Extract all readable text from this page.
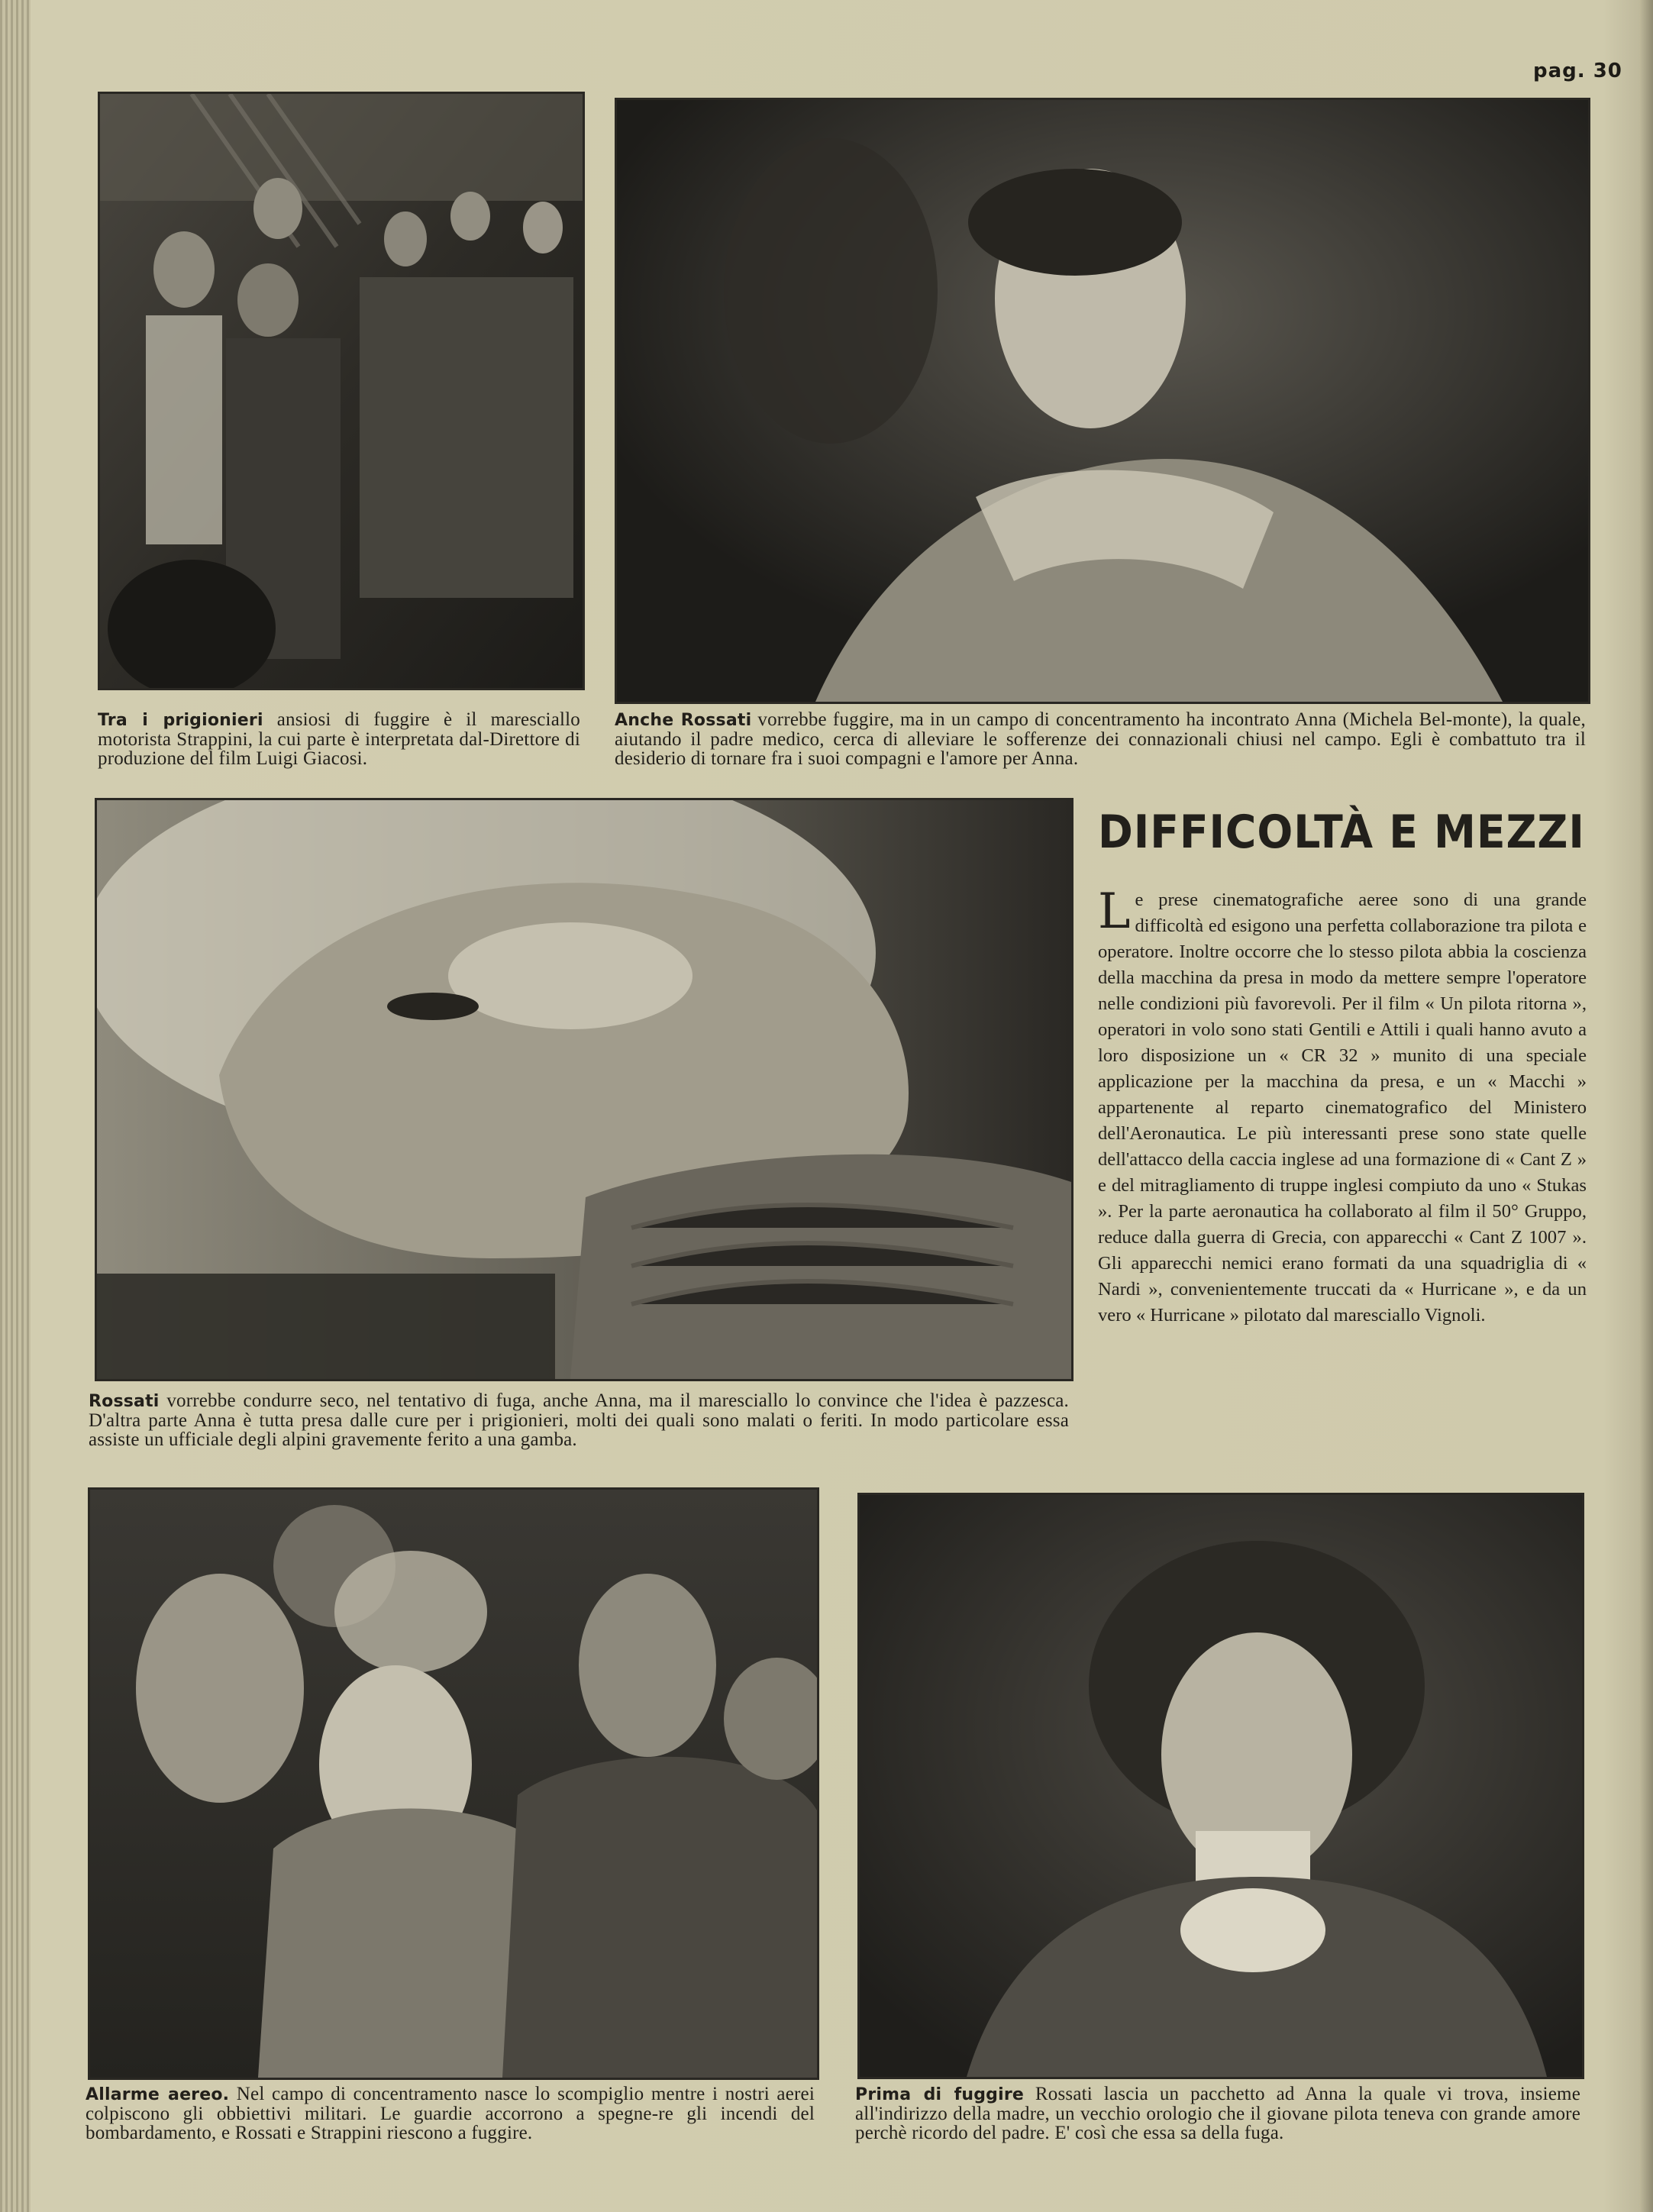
pag. 30
Tra i prigionieri ansiosi di fuggire è il maresciallo motorista Strappini, la cui parte è interpretata dal-Direttore di produzione del film Luigi Giacosi.
Anche Rossati vorrebbe fuggire, ma in un campo di concentramento ha incontrato Anna (Michela Bel-monte), la quale, aiutando il padre medico, cerca di alleviare le sofferenze dei connazionali chiusi nel campo. Egli è combattuto tra il desiderio di tornare fra i suoi compagni e l'amore per Anna.
Rossati vorrebbe condurre seco, nel tentativo di fuga, anche Anna, ma il maresciallo lo convince che l'idea è pazzesca. D'altra parte Anna è tutta presa dalle cure per i prigionieri, molti dei quali sono malati o feriti. In modo particolare essa assiste un ufficiale degli alpini gravemente ferito a una gamba.
DIFFICOLTÀ E MEZZI
Le prese cinematografiche aeree sono di una grande difficoltà ed esigono una perfetta collaborazione tra pilota e operatore. Inoltre occorre che lo stesso pilota abbia la coscienza della macchina da presa in modo da mettere sempre l'operatore nelle condizioni più favorevoli. Per il film « Un pilota ritorna », operatori in volo sono stati Gentili e Attili i quali hanno avuto a loro disposizione un « CR 32 » munito di una speciale applicazione per la macchina da presa, e un « Macchi » appartenente al reparto cinematografico del Ministero dell'Aeronautica. Le più interessanti prese sono state quelle dell'attacco della caccia inglese ad una formazione di « Cant Z » e del mitragliamento di truppe inglesi compiuto da uno « Stukas ». Per la parte aeronautica ha collaborato al film il 50° Gruppo, reduce dalla guerra di Grecia, con apparecchi « Cant Z 1007 ». Gli apparecchi nemici erano formati da una squadriglia di « Nardi », convenientemente truccati da « Hurricane », e da un vero « Hurricane » pilotato dal maresciallo Vignoli.
Allarme aereo. Nel campo di concentramento nasce lo scompiglio mentre i nostri aerei colpiscono gli obbiettivi militari. Le guardie accorrono a spegne-re gli incendi del bombardamento, e Rossati e Strappini riescono a fuggire.
Prima di fuggire Rossati lascia un pacchetto ad Anna la quale vi trova, insieme all'indirizzo della madre, un vecchio orologio che il giovane pilota teneva con grande amore perchè ricordo del padre. E' così che essa sa della fuga.
